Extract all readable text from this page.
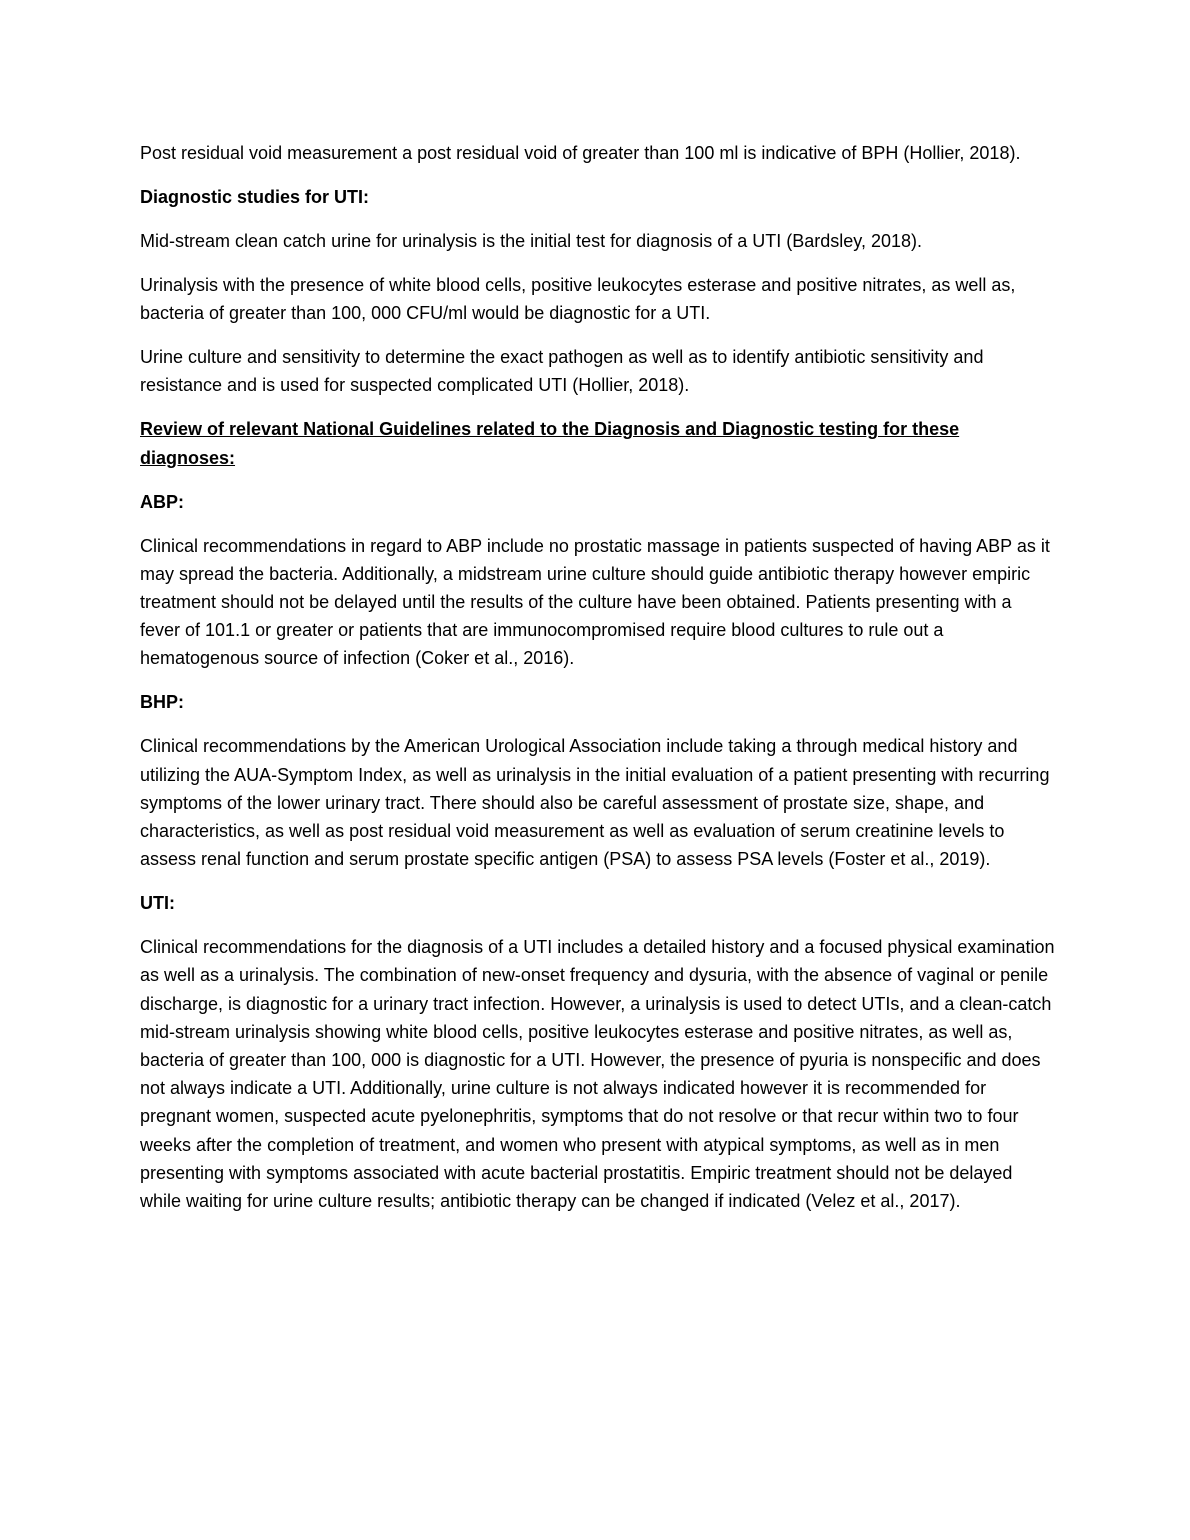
Post residual void measurement a post residual void of greater than 100 ml is indicative of BPH (Hollier, 2018).

Diagnostic studies for UTI:

Mid-stream clean catch urine for urinalysis is the initial test for diagnosis of a UTI (Bardsley, 2018).

Urinalysis with the presence of white blood cells, positive leukocytes esterase and positive nitrates, as well as, bacteria of greater than 100, 000 CFU/ml would be diagnostic for a UTI.

Urine culture and sensitivity to determine the exact pathogen as well as to identify antibiotic sensitivity and resistance and is used for suspected complicated UTI (Hollier, 2018).

Review of relevant National Guidelines related to the Diagnosis and Diagnostic testing for these diagnoses:

ABP:

Clinical recommendations in regard to ABP include no prostatic massage in patients suspected of having ABP as it may spread the bacteria. Additionally, a midstream urine culture should guide antibiotic therapy however empiric treatment should not be delayed until the results of the culture have been obtained. Patients presenting with a fever of 101.1 or greater or patients that are immunocompromised require blood cultures to rule out a hematogenous source of infection (Coker et al., 2016).

BHP:

Clinical recommendations by the American Urological Association include taking a through medical history and utilizing the AUA-Symptom Index, as well as urinalysis in the initial evaluation of a patient presenting with recurring symptoms of the lower urinary tract. There should also be careful assessment of prostate size, shape, and characteristics, as well as post residual void measurement as well as evaluation of serum creatinine levels to assess renal function and serum prostate specific antigen (PSA) to assess PSA levels (Foster et al., 2019).

UTI:

Clinical recommendations for the diagnosis of a UTI includes a detailed history and a focused physical examination as well as a urinalysis. The combination of new-onset frequency and dysuria, with the absence of vaginal or penile discharge, is diagnostic for a urinary tract infection. However, a urinalysis is used to detect UTIs, and a clean-catch mid-stream urinalysis showing white blood cells, positive leukocytes esterase and positive nitrates, as well as, bacteria of greater than 100, 000 is diagnostic for a UTI. However, the presence of pyuria is nonspecific and does not always indicate a UTI. Additionally, urine culture is not always indicated however it is recommended for pregnant women, suspected acute pyelonephritis, symptoms that do not resolve or that recur within two to four weeks after the completion of treatment, and women who present with atypical symptoms, as well as in men presenting with symptoms associated with acute bacterial prostatitis. Empiric treatment should not be delayed while waiting for urine culture results; antibiotic therapy can be changed if indicated (Velez et al., 2017).
